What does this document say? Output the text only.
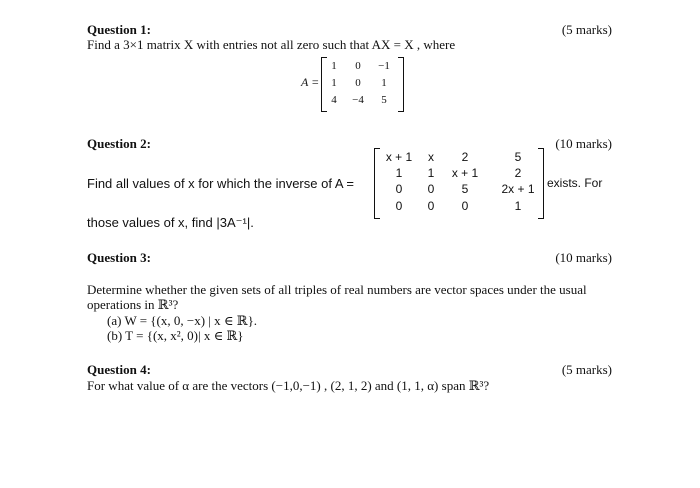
Question 1:	(5 marks)
Find a 3×1 matrix X with entries not all zero such that AX = X , where
A =
1	0	−1
1	0	1
4	−4	5
Question 2:	(10 marks)
Find all values of x for which the inverse of A =
x + 1	x	2	5
1	1	x + 1	2
0	0	5	2x + 1
0	0	0	1
exists. For
those values of x, find |3A⁻¹|.
Question 3:	(10 marks)
Determine whether the given sets of all triples of real numbers are vector spaces under the usual
operations in ℝ³?
(a) W = {(x, 0, −x) | x ∈ ℝ}.
(b) T = {(x, x², 0)| x ∈ ℝ}
Question 4:	(5 marks)
For what value of α are the vectors (−1,0,−1) , (2, 1, 2) and (1, 1, α) span ℝ³?
